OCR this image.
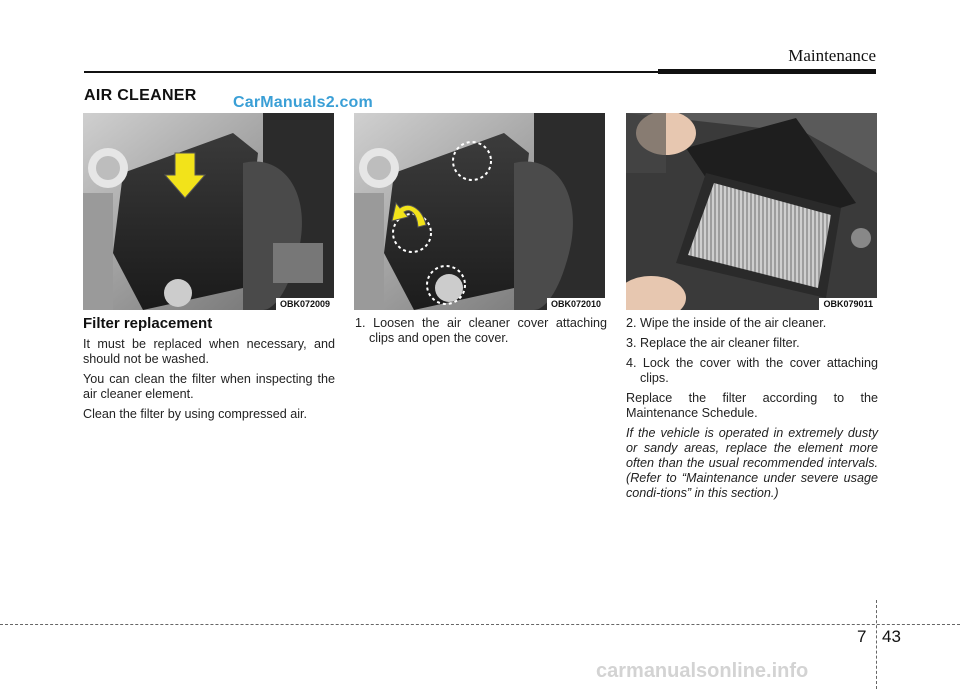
Maintenance
AIR CLEANER CarManuals2.com
OBK072009	OBK072010	OBK079011
Filter replacement

It must be replaced when necessary, and should not be washed.

You can clean the filter when inspecting the air cleaner element.

Clean the filter by using compressed air.

1. Loosen the air cleaner cover attaching clips and open the cover.

2. Wipe the inside of the air cleaner.

3. Replace the air cleaner filter.

4. Lock the cover with the cover attaching clips.

Replace the filter according to the Maintenance Schedule.

If the vehicle is operated in extremely dusty or sandy areas, replace the element more often than the usual recommended intervals. (Refer to “Maintenance under severe usage condi-tions” in this section.)

7 43
carmanualsonline.info
